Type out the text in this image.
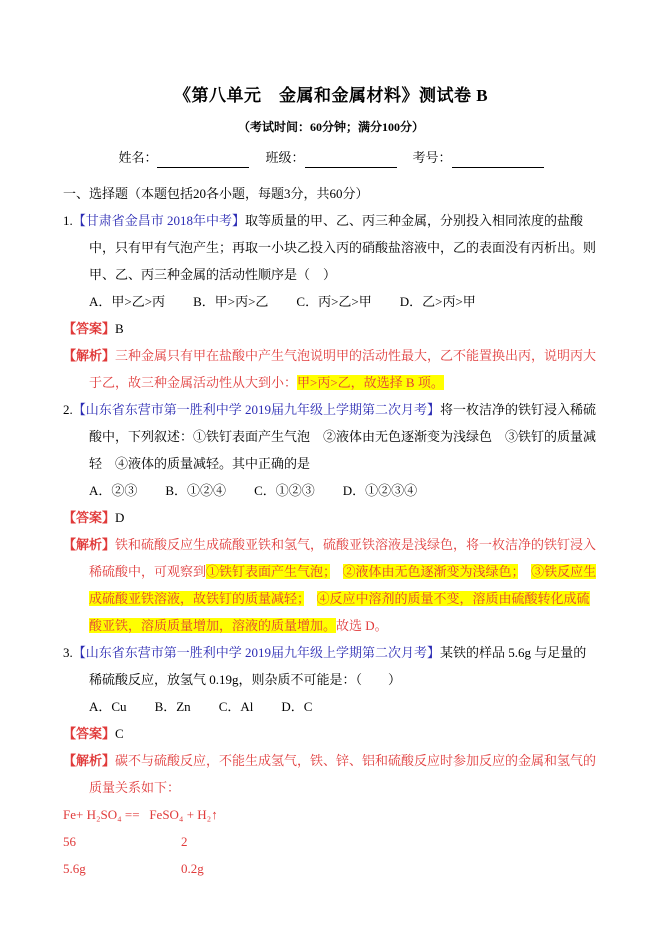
《第八单元　金属和金属材料》测试卷 B
（考试时间：60分钟；满分100分）
姓名：	班级：	考号：
一、选择题（本题包括20各小题，每题3分，共60分）

1.【甘肃省金昌市 2018年中考】取等质量的甲、乙、丙三种金属，分别投入相同浓度的盐酸中，只有甲有气泡产生；再取一小块乙投入丙的硝酸盐溶液中，乙的表面没有丙析出。则甲、乙、丙三种金属的活动性顺序是（　）

A．甲>乙>丙 B．甲>丙>乙 C．丙>乙>甲 D．乙>丙>甲

【答案】B

【解析】三种金属只有甲在盐酸中产生气泡说明甲的活动性最大，乙不能置换出丙，说明丙大于乙，故三种金属活动性从大到小：甲>丙>乙，故选择 B 项。

2.【山东省东营市第一胜利中学 2019届九年级上学期第二次月考】将一枚洁净的铁钉浸入稀硫酸中，下列叙述：①铁钉表面产生气泡　②液体由无色逐渐变为浅绿色　③铁钉的质量减轻　④液体的质量减轻。其中正确的是

A．②③ B．①②④ C．①②③ D．①②③④

【答案】D

【解析】铁和硫酸反应生成硫酸亚铁和氢气，硫酸亚铁溶液是浅绿色，将一枚洁净的铁钉浸入稀硫酸中，可观察到①铁钉表面产生气泡；　 ②液体由无色逐渐变为浅绿色；　 ③铁反应生成硫酸亚铁溶液，故铁钉的质量减轻；　 ④反应中溶剂的质量不变，溶质由硫酸转化成硫酸亚铁，溶质质量增加，溶液的质量增加。故选 D。

3.【山东省东营市第一胜利中学 2019届九年级上学期第二次月考】某铁的样品 5.6g 与足量的稀硫酸反应，放氢气 0.19g，则杂质不可能是：（　　）

A．Cu B．Zn C．Al D．C

【答案】C

【解析】碳不与硫酸反应，不能生成氢气，铁、锌、铝和硫酸反应时参加反应的金属和氢气的质量关系如下：

Fe+ H₂SO₄ ==   FeSO₄ + H₂↑

56	2

5.6g	0.2g
